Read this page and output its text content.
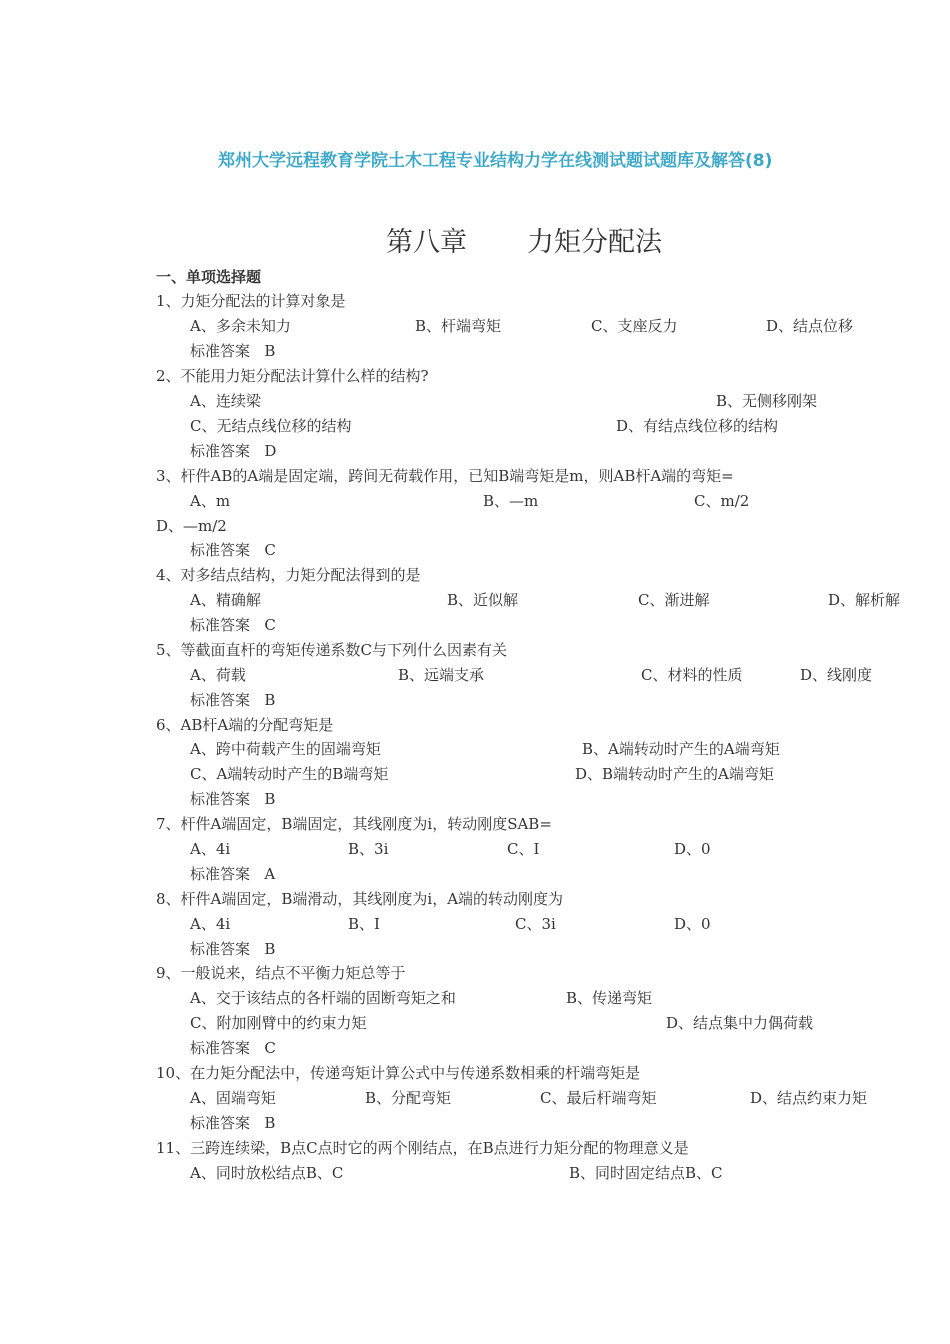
郑州大学远程教育学院土木工程专业结构力学在线测试题试题库及解答(8)
第八章 力矩分配法
一、单项选择题
1、力矩分配法的计算对象是
A、多余未知力	B、杆端弯矩	C、支座反力	D、结点位移
标准答案 B
2、不能用力矩分配法计算什么样的结构?
A、连续梁	B、无侧移刚架
C、无结点线位移的结构	D、有结点线位移的结构
标准答案 D
3、杆件AB的A端是固定端，跨间无荷载作用，已知B端弯矩是m，则AB杆A端的弯矩=
A、m	B、—m	C、m/2
D、—m/2
标准答案 C
4、对多结点结构，力矩分配法得到的是
A、精确解	B、近似解	C、渐进解	D、解析解
标准答案 C
5、等截面直杆的弯矩传递系数C与下列什么因素有关
A、荷载	B、远端支承	C、材料的性质	D、线刚度
标准答案 B
6、AB杆A端的分配弯矩是
A、跨中荷载产生的固端弯矩	B、A端转动时产生的A端弯矩
C、A端转动时产生的B端弯矩	D、B端转动时产生的A端弯矩
标准答案 B
7、杆件A端固定，B端固定，其线刚度为i，转动刚度SAB=
A、4i	B、3i	C、I	D、0
标准答案 A
8、杆件A端固定，B端滑动，其线刚度为i，A端的转动刚度为
A、4i	B、I	C、3i	D、0
标准答案 B
9、一般说来，结点不平衡力矩总等于
A、交于该结点的各杆端的固断弯矩之和	B、传递弯矩
C、附加刚臂中的约束力矩	D、结点集中力偶荷载
标准答案 C
10、在力矩分配法中，传递弯矩计算公式中与传递系数相乘的杆端弯矩是
A、固端弯矩	B、分配弯矩	C、最后杆端弯矩	D、结点约束力矩
标准答案 B
11、三跨连续梁，B点C点时它的两个刚结点，在B点进行力矩分配的物理意义是
A、同时放松结点B、C	B、同时固定结点B、C
